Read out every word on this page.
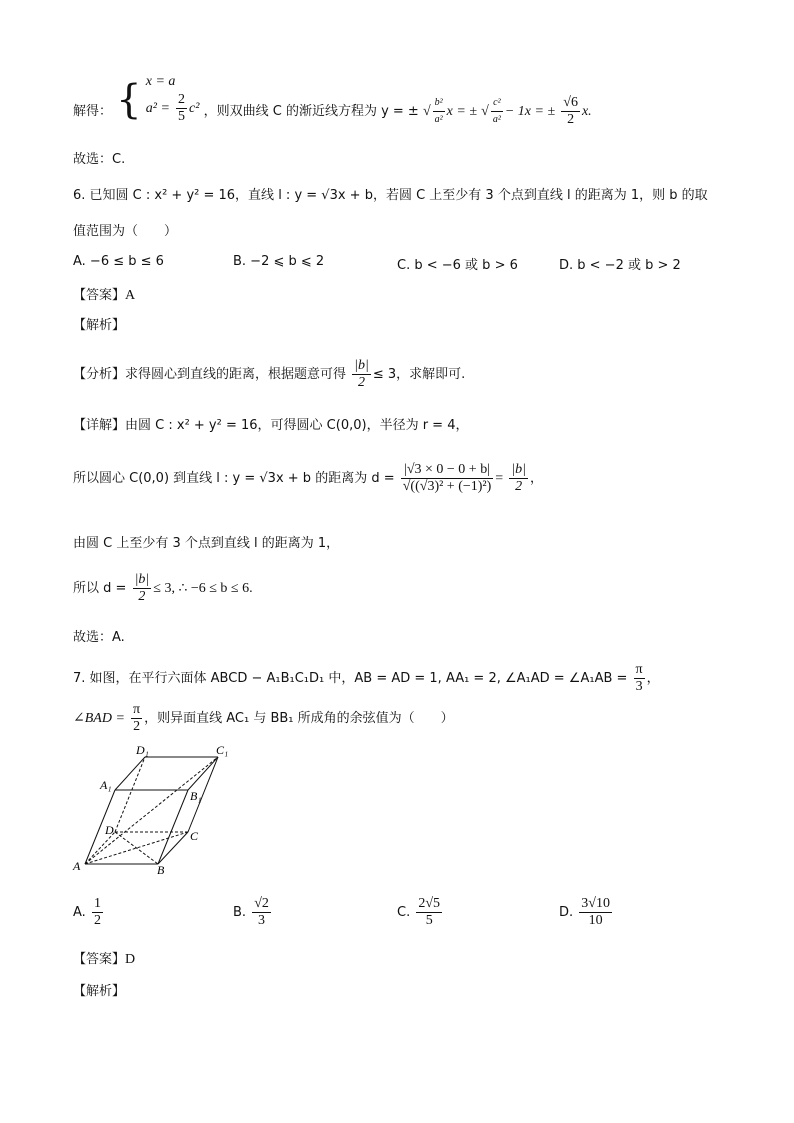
解得： { x = a
$a^2 = \frac{2}{5} c^2$ ，则双曲线 C 的渐近线方程为 y = ± √ $\frac{\text{b²}}{\text{a²}}$ x = ± √ $\frac{\text{c²}}{\text{a²}} - 1x$ = ± $\frac{√6}{2} x$.
故选：C.
6. 已知圆 C : x² + y² = 16，直线 l : y = √3x + b，若圆 C 上至少有 3 个点到直线 l 的距离为 1，则 b 的取
值范围为（　　）
A. −6 ≤ b ≤ 6	B. −2 ⩽ b ⩽ 2	C. b < −6 或 b > 6	D. b < −2 或 b > 2
【答案】A
【解析】
【分析】求得圆心到直线的距离，根据题意可得 $\frac{|b|}{2} \le 3$，求解即可.
【详解】由圆 C : x² + y² = 16，可得圆心 C(0,0)，半径为 r = 4，
所以圆心 C(0,0) 到直线 l : y = √3x + b 的距离为 $d = \frac{|√3 \times 0 - 0 + b|}{\text{√((√3)² + (−1)²)}} = \frac{|b|}{2}$ ，
由圆 C 上至少有 3 个点到直线 l 的距离为 1，
所以 $d = \frac{|b|}{2} \le 3$, ∴ −6 ≤ b ≤ 6.
故选：A.
7. 如图，在平行六面体 ABCD − A₁B₁C₁D₁ 中，AB = AD = 1, AA₁ = 2, ∠A₁AD = ∠A₁AB = $\frac{\pi}{3}$ ，
∠BAD = $\frac{\pi}{2}$ ，则异面直线 AC₁ 与 BB₁ 所成角的余弦值为（　　）
D₁	C₁
A₁
B₁
D	C
A	B
A. $\frac{1}{2}$	B. $\frac{√2}{3}$	C. $\frac{2√5}{5}$	D. $\frac{3√10}{10}$
【答案】D
【解析】
